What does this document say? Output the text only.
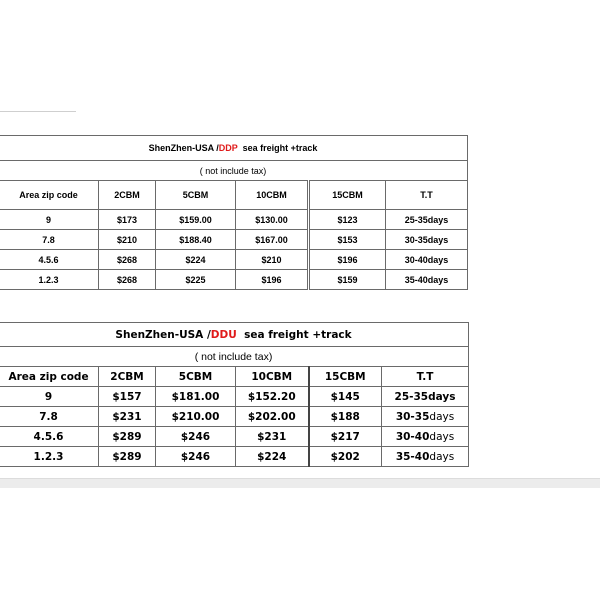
ShenZhen-USA /DDP  sea freight +track					
( not include tax)					
Area zip code	2CBM	5CBM	10CBM	15CBM	T.T
9	$173	$159.00	$130.00	$123	25-35days
7.8	$210	$188.40	$167.00	$153	30-35days
4.5.6	$268	$224	$210	$196	30-40days
1.2.3	$268	$225	$196	$159	35-40days
ShenZhen-USA /DDU  sea freight +track					
( not include tax)					
Area zip code	2CBM	5CBM	10CBM	15CBM	T.T
9	$157	$181.00	$152.20	$145	25-35days
7.8	$231	$210.00	$202.00	$188	30-35days
4.5.6	$289	$246	$231	$217	30-40days
1.2.3	$289	$246	$224	$202	35-40days
